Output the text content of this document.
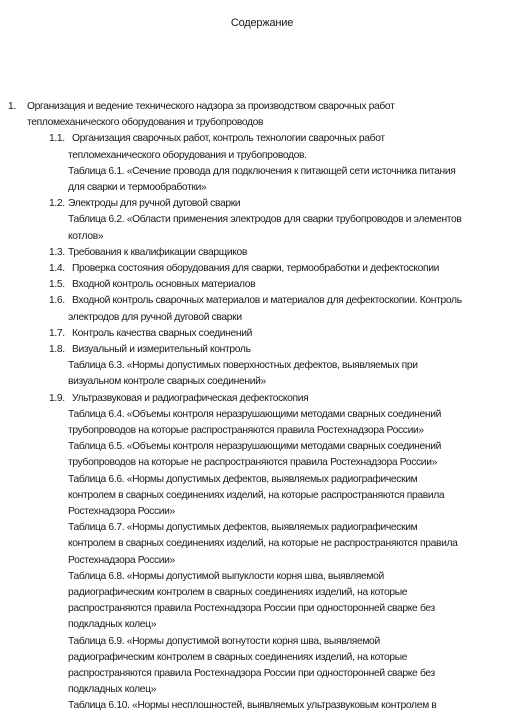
Содержание
1. Организация и ведение технического надзора за производством сварочных работ
тепломеханического оборудования и трубопроводов
1.1. Организация сварочных работ, контроль технологии сварочных работ
тепломеханического оборудования и трубопроводов.
Таблица 6.1. «Сечение провода для подключения к питающей сети источника питания
для сварки и термообработки»
1.2. Электроды для ручной дуговой сварки
Таблица 6.2. «Области применения электродов для сварки трубопроводов и элементов
котлов»
1.3. Требования к квалификации сварщиков
1.4. Проверка состояния оборудования для сварки, термообработки и дефектоскопии
1.5. Входной контроль основных материалов
1.6. Входной контроль сварочных материалов и материалов для дефектоскопии. Контроль
электродов для ручной дуговой сварки
1.7. Контроль качества сварных соединений
1.8. Визуальный и измерительный контроль
Таблица 6.3. «Нормы допустимых поверхностных дефектов, выявляемых при
визуальном контроле сварных соединений»
1.9. Ультразвуковая и радиографическая дефектоскопия
Таблица 6.4. «Объемы контроля неразрушающими методами сварных соединений
трубопроводов на которые распространяются правила Ростехнадзора России»
Таблица 6.5. «Объемы контроля неразрушающими методами сварных соединений
трубопроводов на которые не распространяются правила Ростехнадзора России»
Таблица 6.6. «Нормы допустимых дефектов, выявляемых радиографическим
контролем в сварных соединениях изделий, на которые распространяются правила
Ростехнадзора России»
Таблица 6.7. «Нормы допустимых дефектов, выявляемых радиографическим
контролем в сварных соединениях изделий, на которые не распространяются правила
Ростехнадзора России»
Таблица 6.8. «Нормы допустимой выпуклости корня шва, выявляемой
радиографическим контролем в сварных соединениях изделий, на которые
распространяются правила Ростехнадзора России при односторонней сварке без
подкладных колец»
Таблица 6.9. «Нормы допустимой вогнутости корня шва, выявляемой
радиографическим контролем в сварных соединениях изделий, на которые
распространяются правила Ростехнадзора России при односторонней сварке без
подкладных колец»
Таблица 6.10. «Нормы несплошностей, выявляемых ультразвуковым контролем в
